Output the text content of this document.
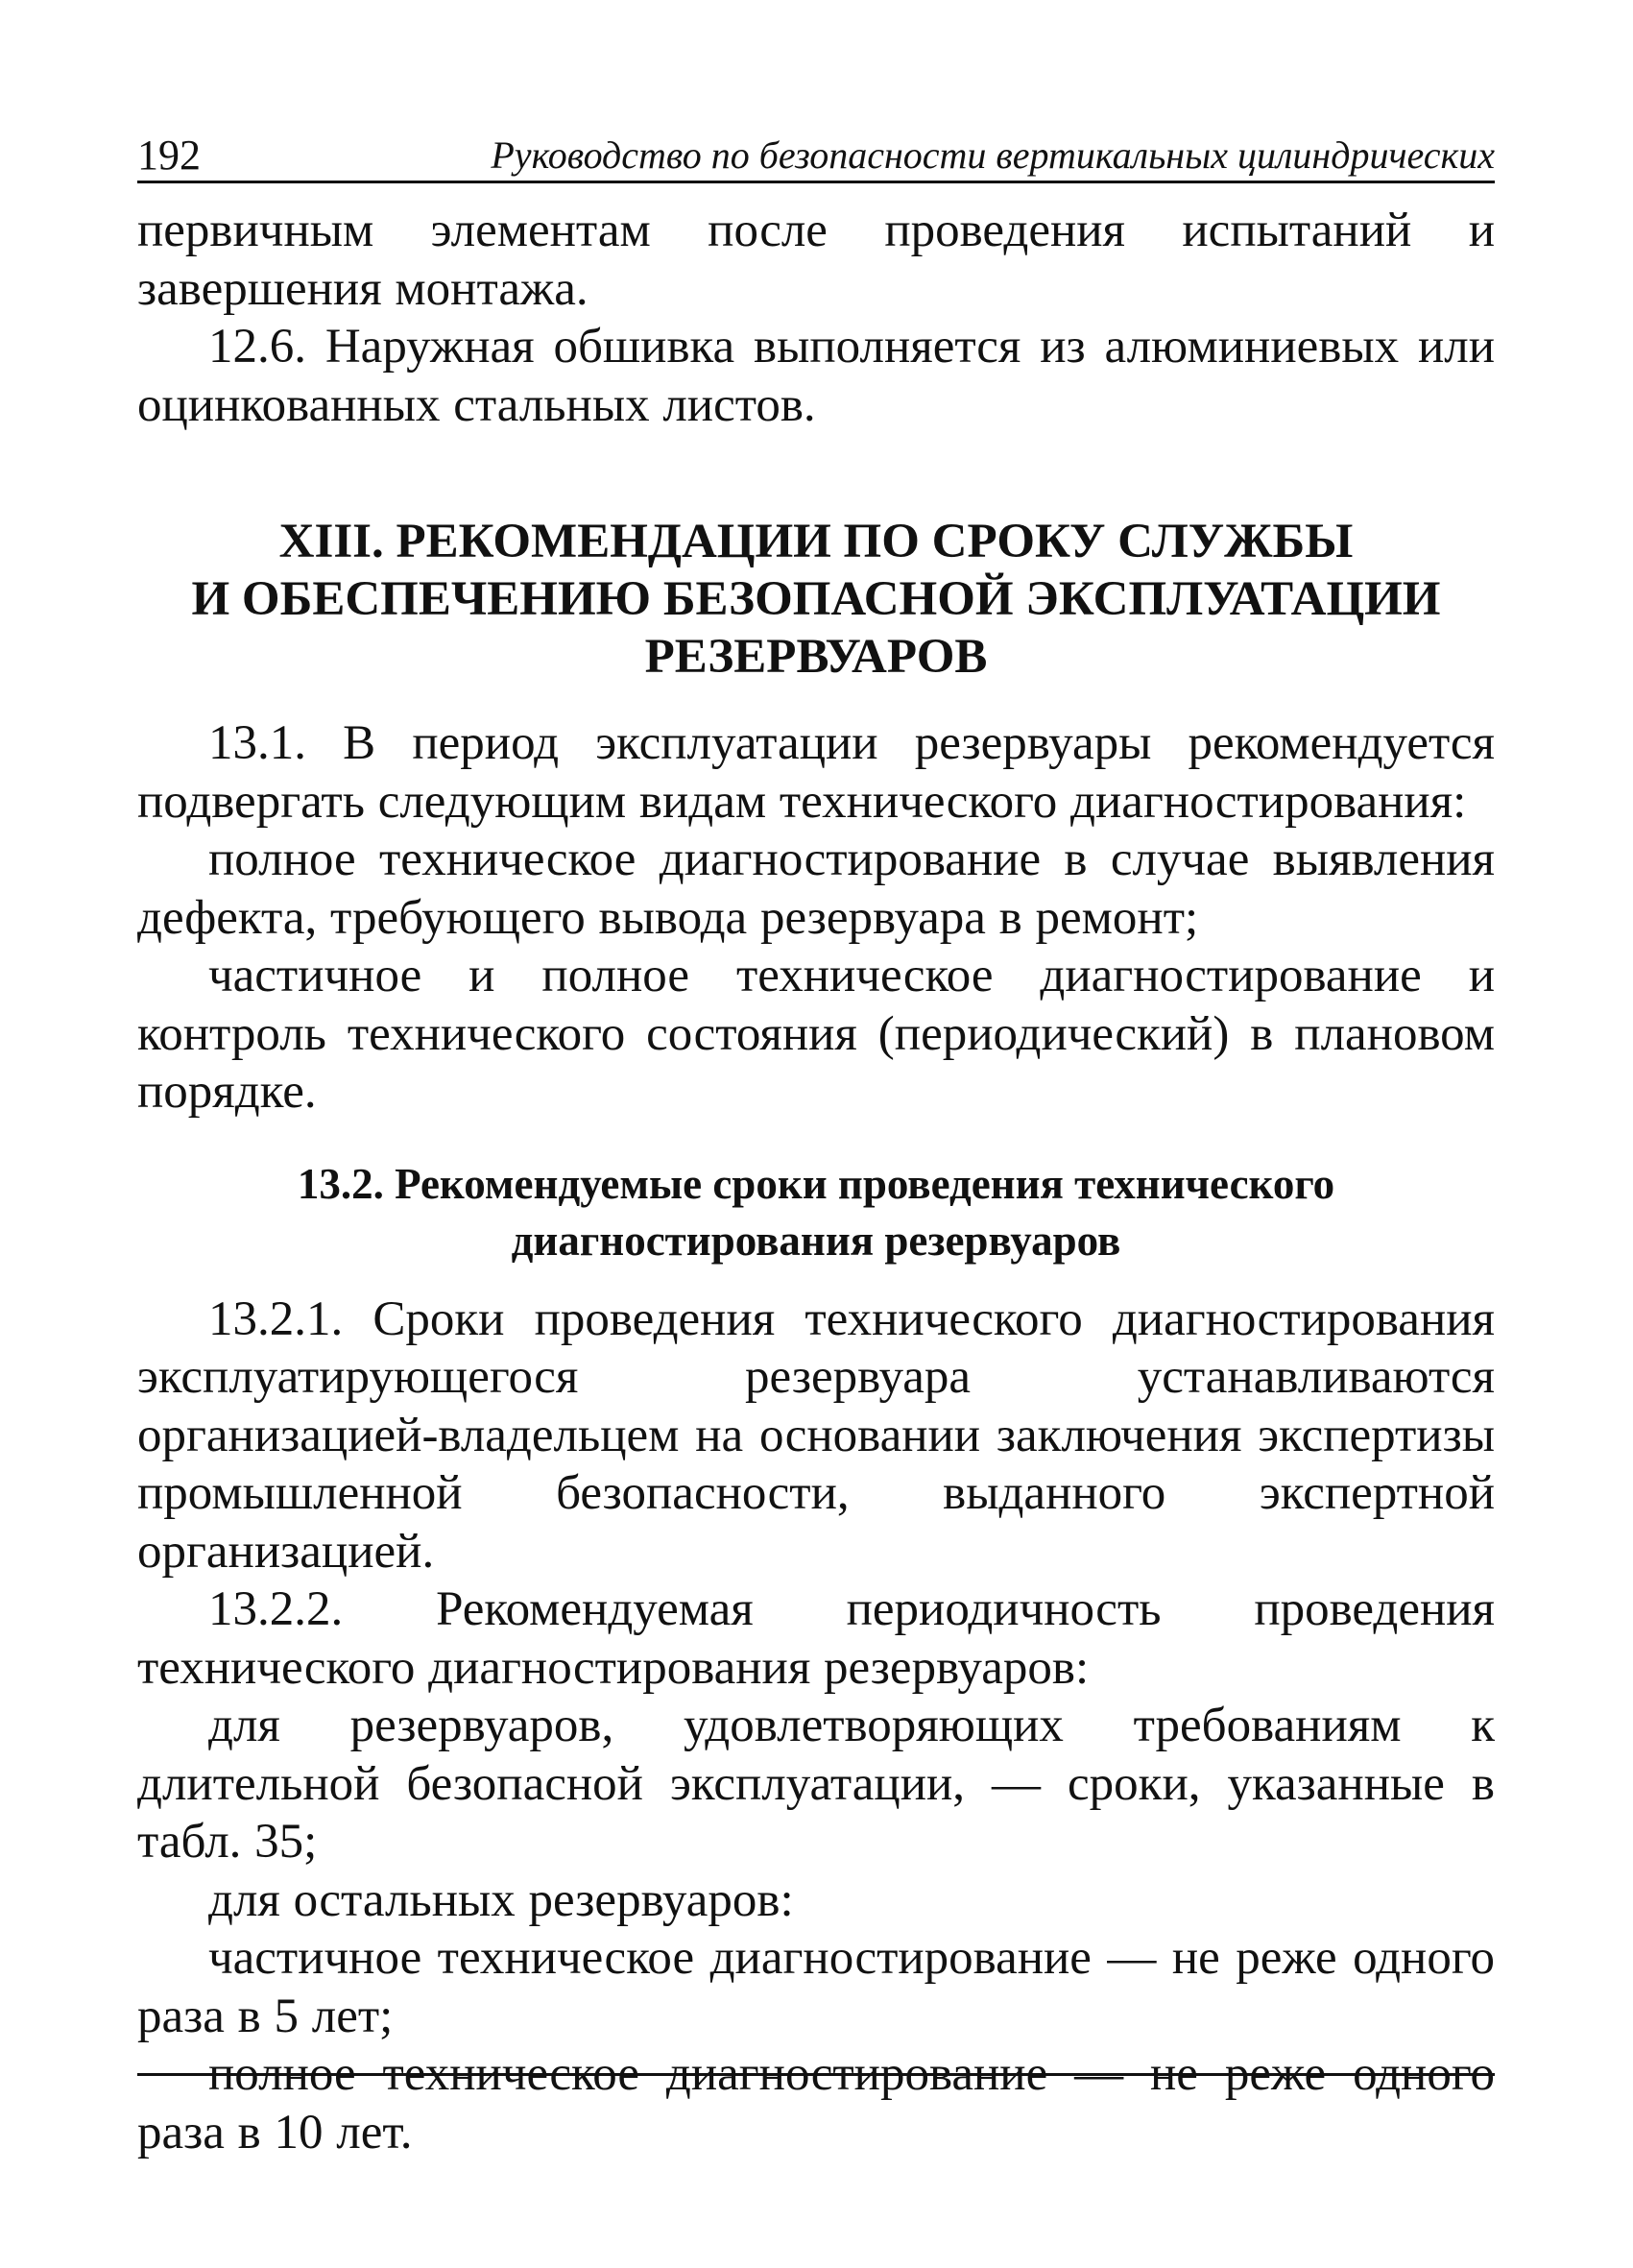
192	Руководство по безопасности вертикальных цилиндрических

первичным элементам после проведения испытаний и завершения монтажа.

12.6. Наружная обшивка выполняется из алюминиевых или оцинкованных стальных листов.

XIII. РЕКОМЕНДАЦИИ ПО СРОКУ СЛУЖБЫ
И ОБЕСПЕЧЕНИЮ БЕЗОПАСНОЙ ЭКСПЛУАТАЦИИ
РЕЗЕРВУАРОВ

13.1. В период эксплуатации резервуары рекомендуется подвергать следующим видам технического диагностирования:

полное техническое диагностирование в случае выявления дефекта, требующего вывода резервуара в ремонт;

частичное и полное техническое диагностирование и контроль технического состояния (периодический) в плановом порядке.

13.2. Рекомендуемые сроки проведения технического
диагностирования резервуаров

13.2.1. Сроки проведения технического диагностирования эксплуатирующегося резервуара устанавливаются организацией-владельцем на основании заключения экспертизы промышленной безопасности, выданного экспертной организацией.

13.2.2. Рекомендуемая периодичность проведения технического диагностирования резервуаров:

для резервуаров, удовлетворяющих требованиям к длительной безопасной эксплуатации, — сроки, указанные в табл. 35;

для остальных резервуаров:

частичное техническое диагностирование — не реже одного раза в 5 лет;

полное техническое диагностирование — не реже одного раза в 10 лет.
